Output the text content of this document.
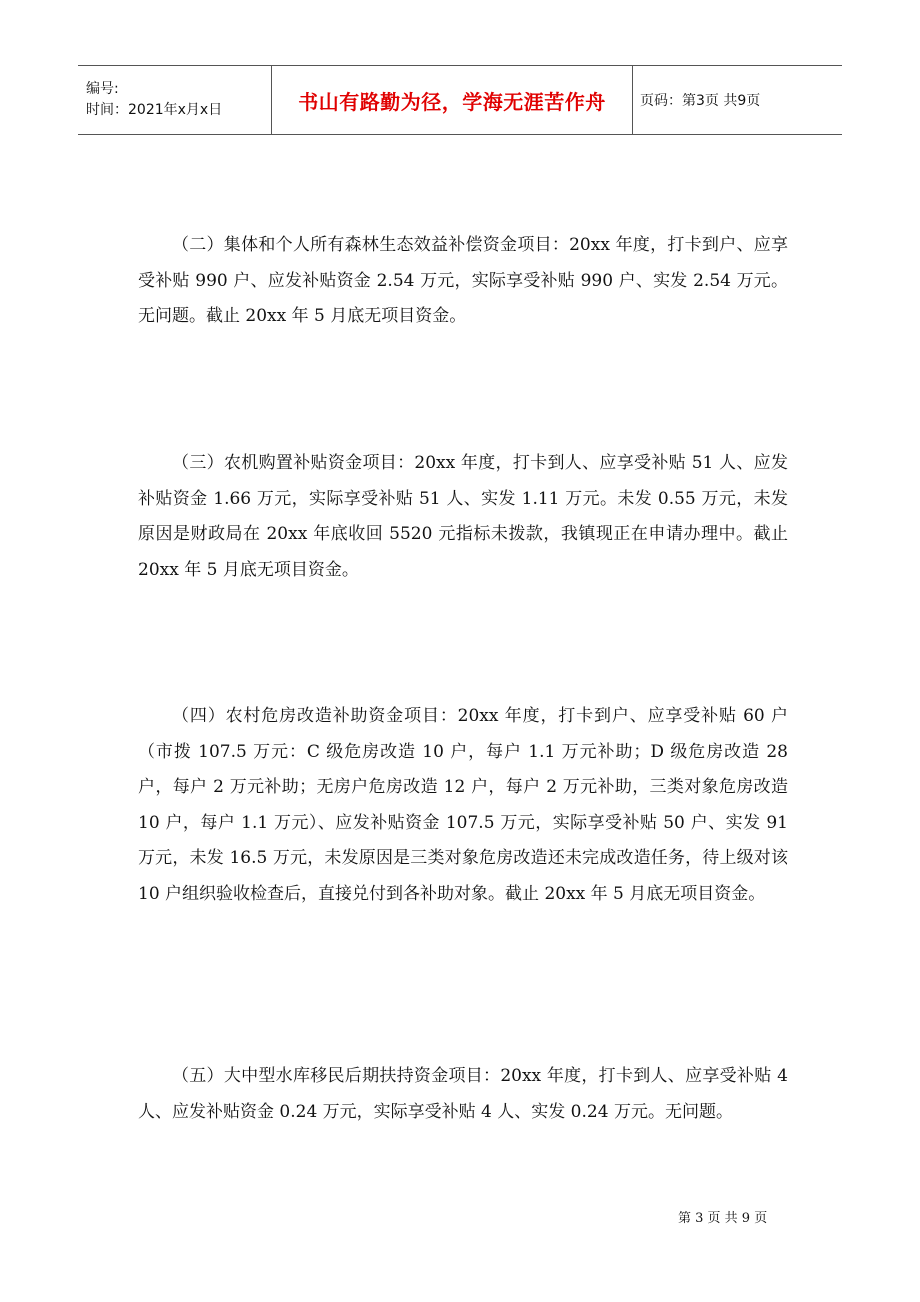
编号:
时间：2021年x月x日	书山有路勤为径，学海无涯苦作舟	页码：第3页 共9页

（二）集体和个人所有森林生态效益补偿资金项目：20xx 年度，打卡到户、应享受补贴 990 户、应发补贴资金 2.54 万元，实际享受补贴 990 户、实发 2.54 万元。无问题。截止 20xx 年 5 月底无项目资金。

（三）农机购置补贴资金项目：20xx 年度，打卡到人、应享受补贴 51 人、应发补贴资金 1.66 万元，实际享受补贴 51 人、实发 1.11 万元。未发 0.55 万元，未发原因是财政局在 20xx 年底收回 5520 元指标未拨款，我镇现正在申请办理中。截止 20xx 年 5 月底无项目资金。

（四）农村危房改造补助资金项目：20xx 年度，打卡到户、应享受补贴 60 户（市拨 107.5 万元：C 级危房改造 10 户，每户 1.1 万元补助；D 级危房改造 28 户，每户 2 万元补助；无房户危房改造 12 户，每户 2 万元补助，三类对象危房改造 10 户，每户 1.1 万元）、应发补贴资金 107.5 万元，实际享受补贴 50 户、实发 91 万元，未发 16.5 万元，未发原因是三类对象危房改造还未完成改造任务，待上级对该 10 户组织验收检查后，直接兑付到各补助对象。截止 20xx 年 5 月底无项目资金。

（五）大中型水库移民后期扶持资金项目：20xx 年度，打卡到人、应享受补贴 4 人、应发补贴资金 0.24 万元，实际享受补贴 4 人、实发 0.24 万元。无问题。

第 3 页 共 9 页
